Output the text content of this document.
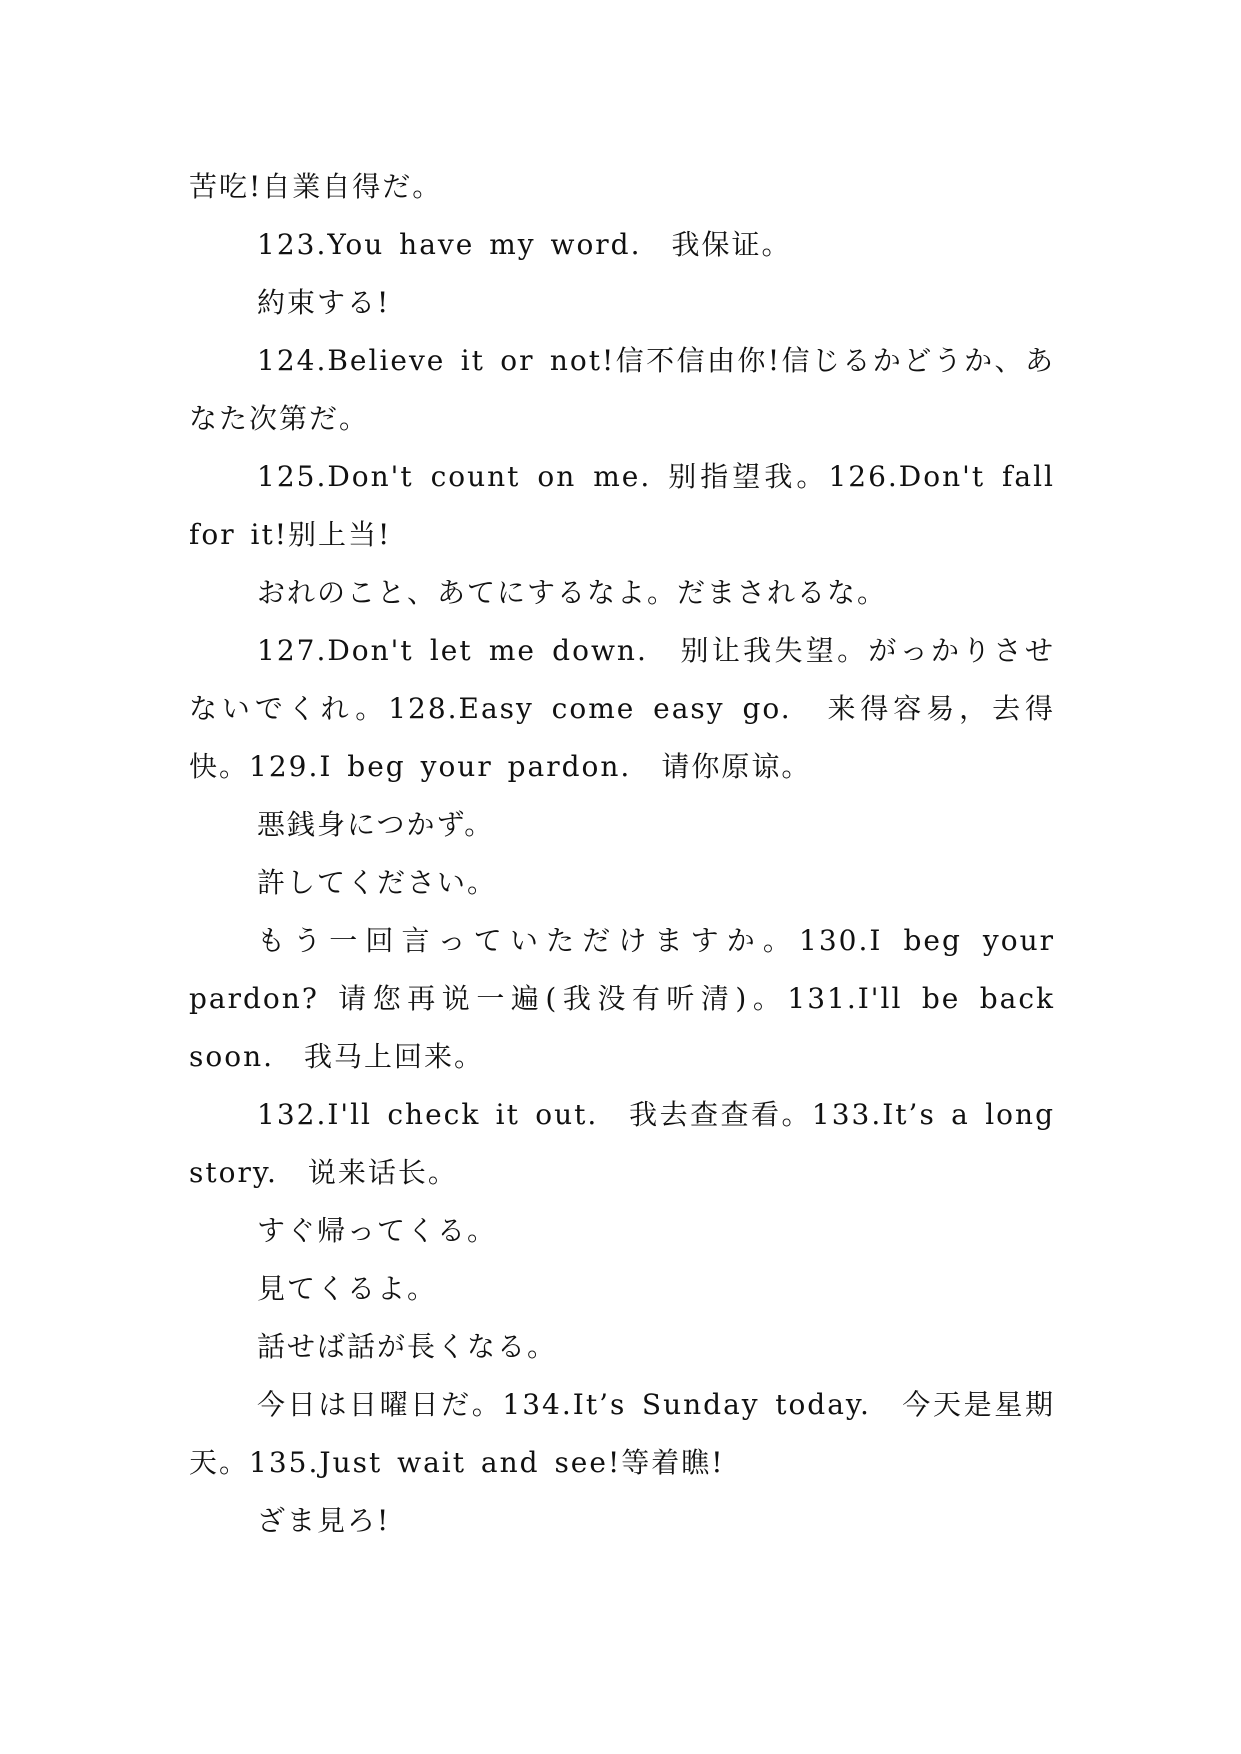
苦吃!自業自得だ。

123.You have my word.　我保证。

約束する!

124.Believe it or not!信不信由你!信じるかどうか、あなた次第だ。

125.Don't count on me. 别指望我。126.Don't fall for it!别上当!

おれのこと、あてにするなよ。だまされるな。

127.Don't let me down.　别让我失望。がっかりさせないでくれ。128.Easy come easy go.　来得容易，去得快。129.I beg your pardon.　请你原谅。

悪銭身につかず。

許してください。

もう一回言っていただけますか。130.I beg your pardon? 请您再说一遍(我没有听清)。131.I'll be back soon.　我马上回来。

132.I'll check it out.　我去查查看。133.It’s a long story.　说来话长。

すぐ帰ってくる。

見てくるよ。

話せば話が長くなる。

今日は日曜日だ。134.It’s Sunday today.　今天是星期天。135.Just wait and see!等着瞧!

ざま見ろ!
